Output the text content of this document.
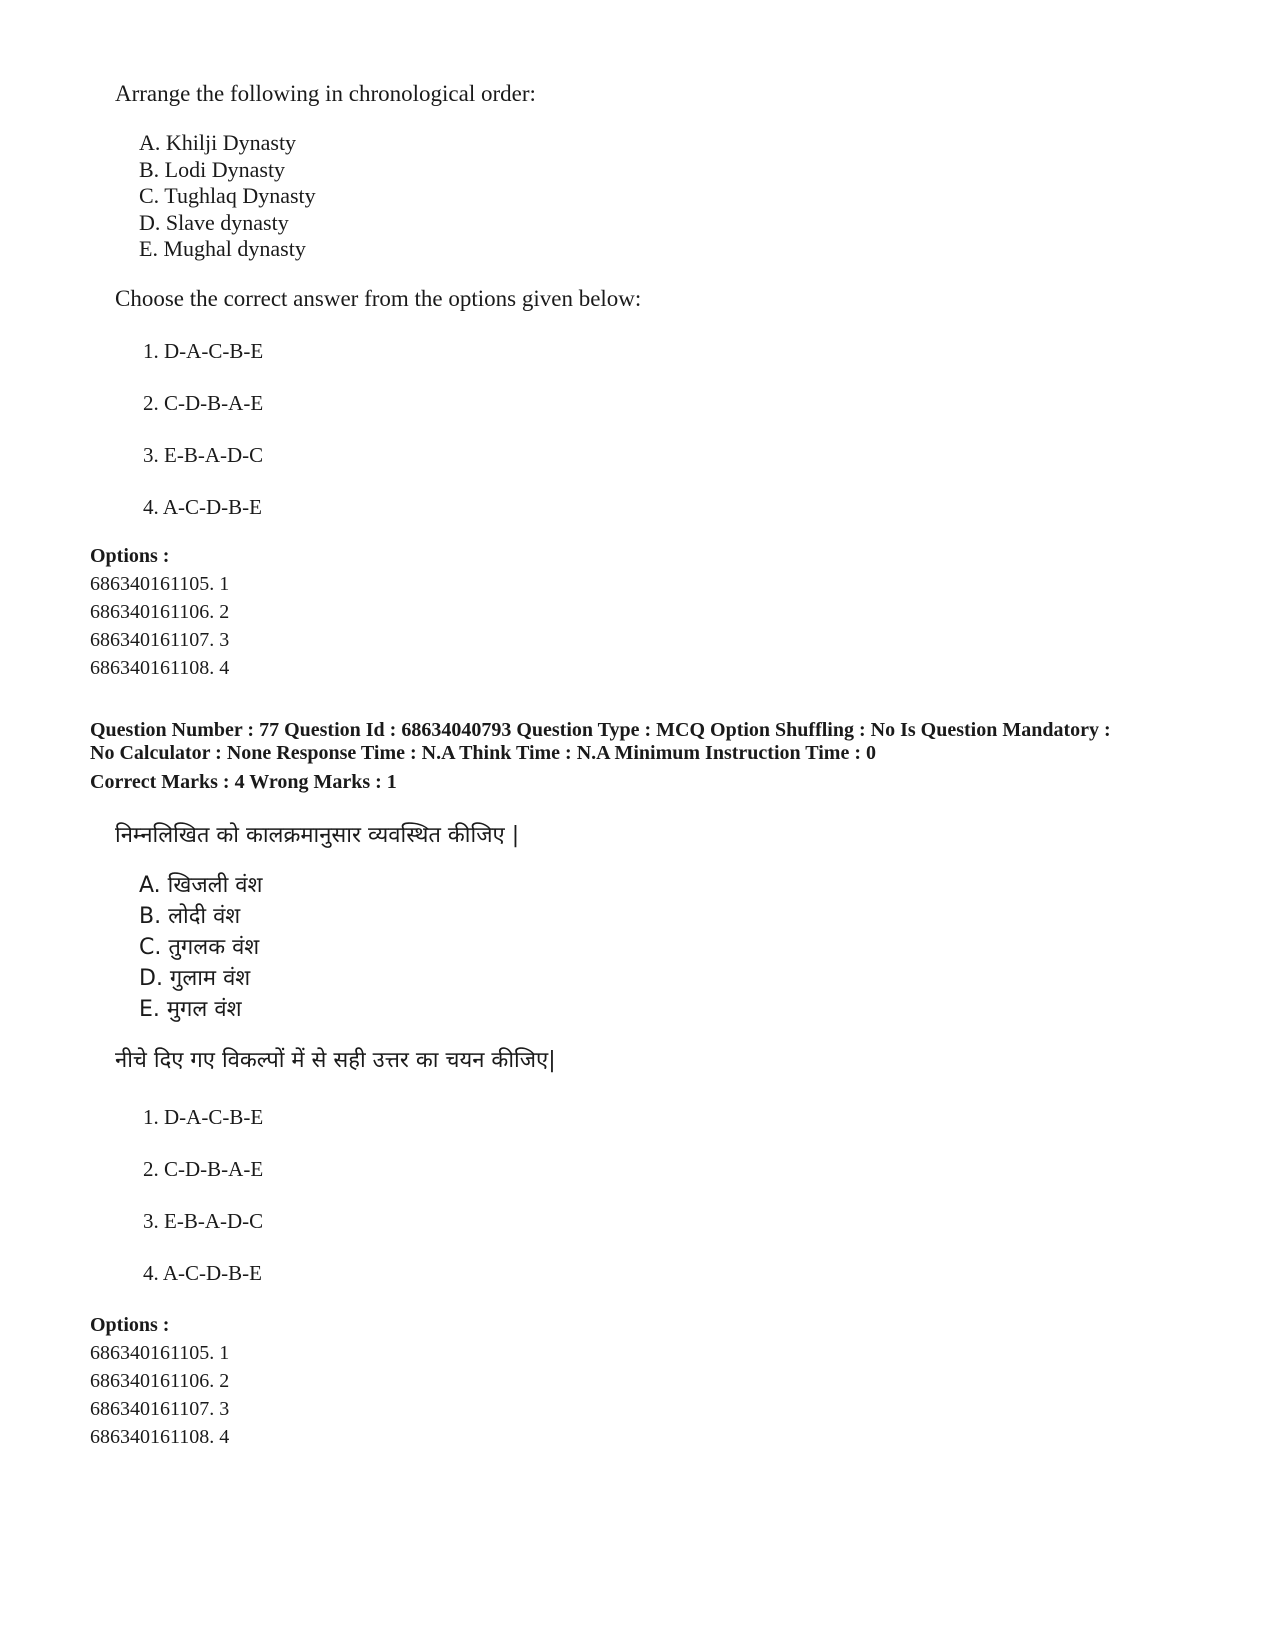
Arrange the following in chronological order:

A. Khilji Dynasty
B. Lodi Dynasty
C. Tughlaq Dynasty
D. Slave dynasty
E. Mughal dynasty

Choose the correct answer from the options given below:

1. D-A-C-B-E
2. C-D-B-A-E
3. E-B-A-D-C
4. A-C-D-B-E
Options :
686340161105. 1
686340161106. 2
686340161107. 3
686340161108. 4
Question Number : 77 Question Id : 68634040793 Question Type : MCQ Option Shuffling : No Is Question Mandatory :
No Calculator : None Response Time : N.A Think Time : N.A Minimum Instruction Time : 0
Correct Marks : 4 Wrong Marks : 1

निम्नलिखित को कालक्रमानुसार व्यवस्थित कीजिए |

A. खिजली वंश
B. लोदी वंश
C. तुगलक वंश
D. गुलाम वंश
E. मुगल वंश

नीचे दिए गए विकल्पों में से सही उत्तर का चयन कीजिए|

1. D-A-C-B-E
2. C-D-B-A-E
3. E-B-A-D-C
4. A-C-D-B-E
Options :
686340161105. 1
686340161106. 2
686340161107. 3
686340161108. 4
